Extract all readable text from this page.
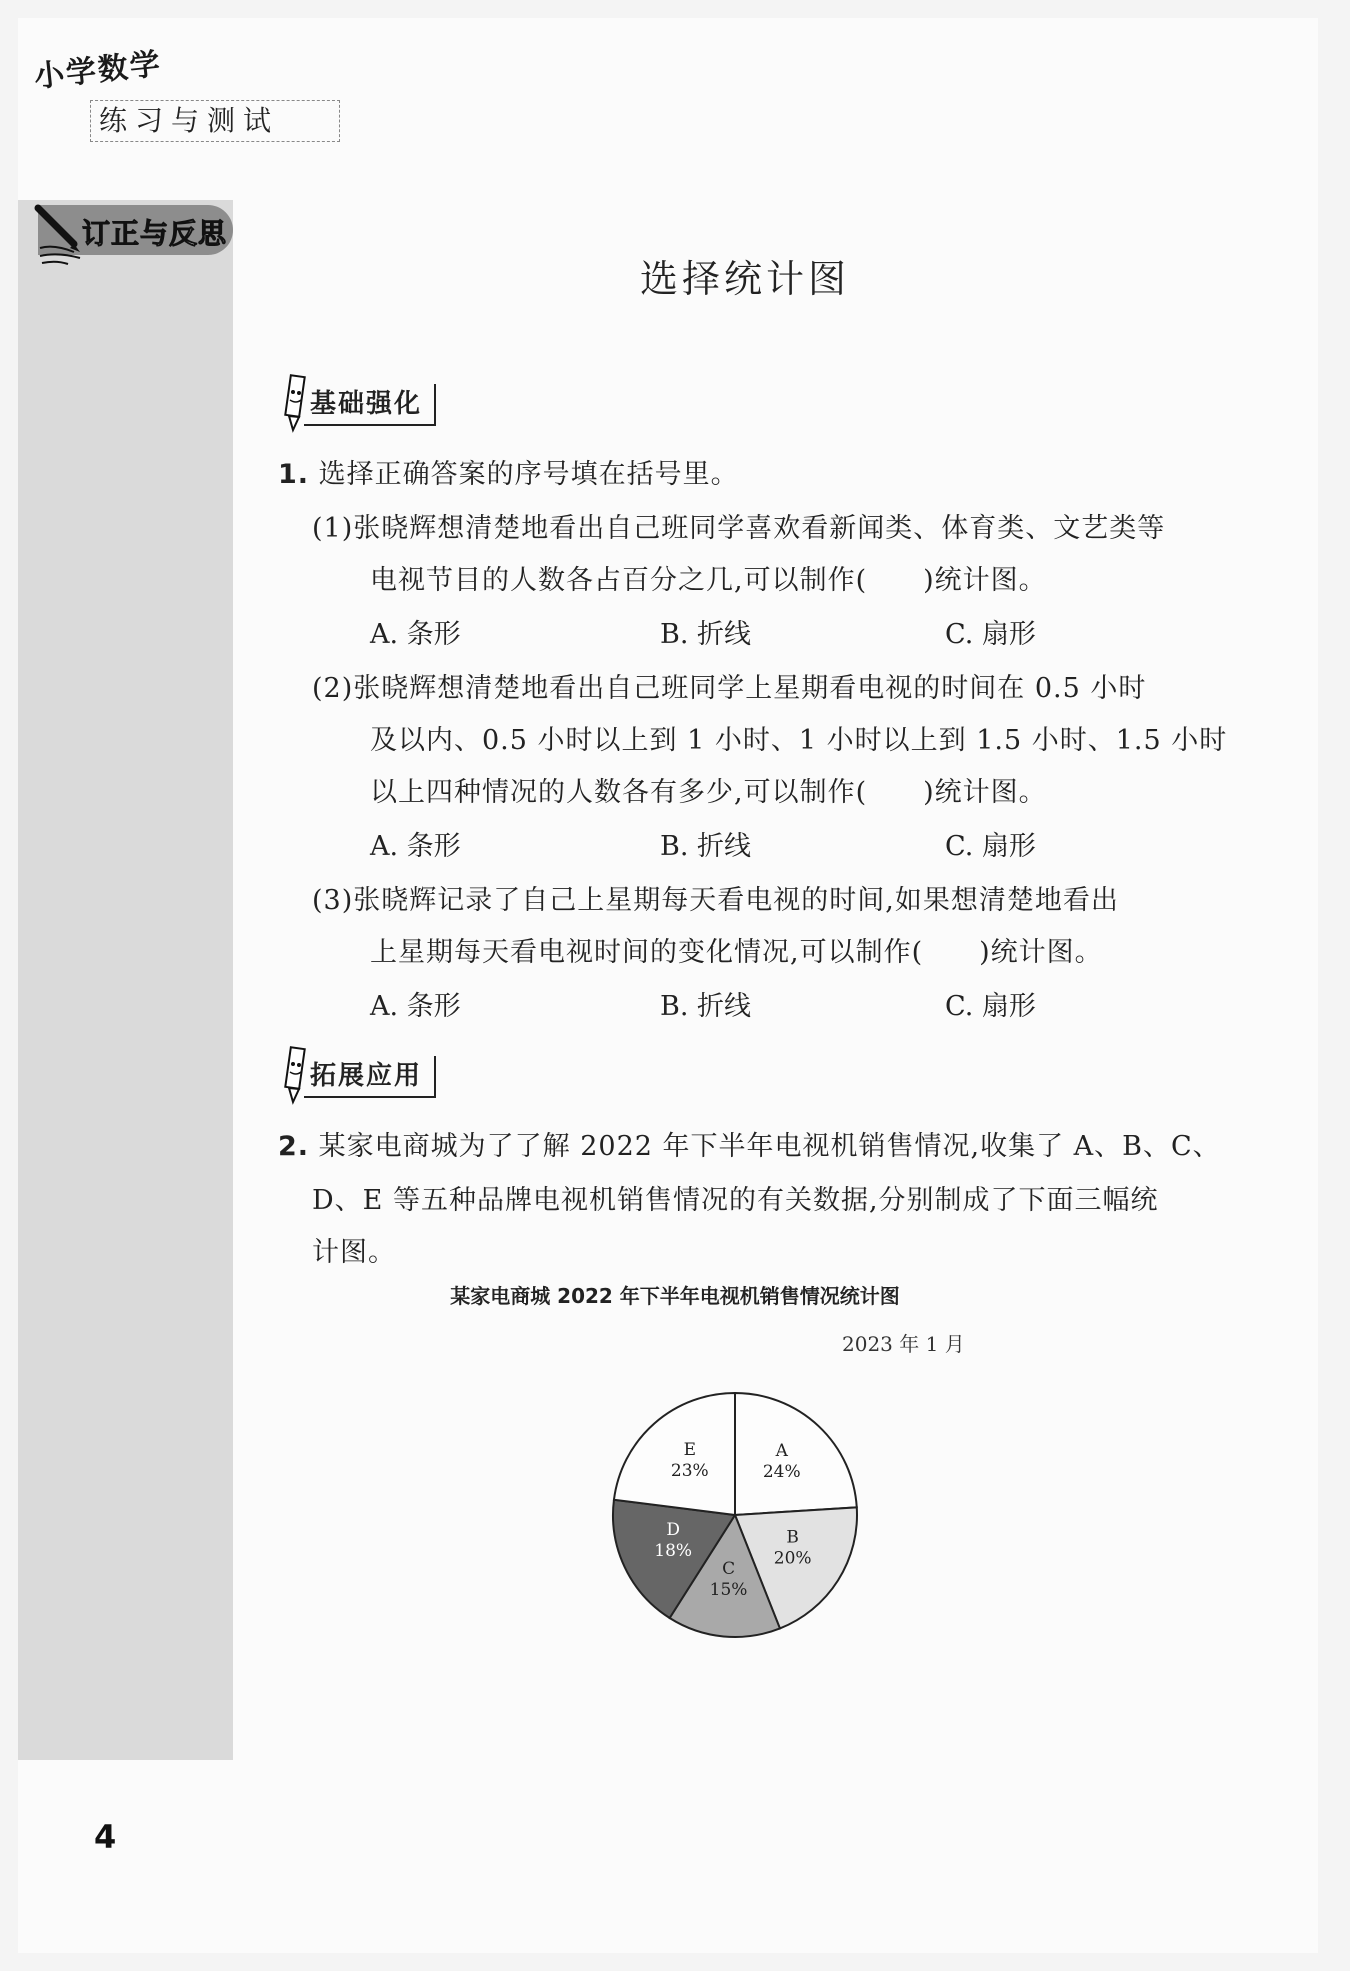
小学数学
练习与测试
订正与反思
选择统计图
基础强化
1. 选择正确答案的序号填在括号里。
(1)张晓辉想清楚地看出自己班同学喜欢看新闻类、体育类、文艺类等
电视节目的人数各占百分之几,可以制作(　　)统计图。
A. 条形	B. 折线	C. 扇形
(2)张晓辉想清楚地看出自己班同学上星期看电视的时间在 0.5 小时
及以内、0.5 小时以上到 1 小时、1 小时以上到 1.5 小时、1.5 小时
以上四种情况的人数各有多少,可以制作(　　)统计图。
A. 条形	B. 折线	C. 扇形
(3)张晓辉记录了自己上星期每天看电视的时间,如果想清楚地看出
上星期每天看电视时间的变化情况,可以制作(　　)统计图。
A. 条形	B. 折线	C. 扇形
拓展应用
2. 某家电商城为了了解 2022 年下半年电视机销售情况,收集了 A、B、C、
D、E 等五种品牌电视机销售情况的有关数据,分别制成了下面三幅统
计图。
某家电商城 2022 年下半年电视机销售情况统计图
2023 年 1 月
A
24%
B
20%
C
15%
D
18%
E
23%
4
